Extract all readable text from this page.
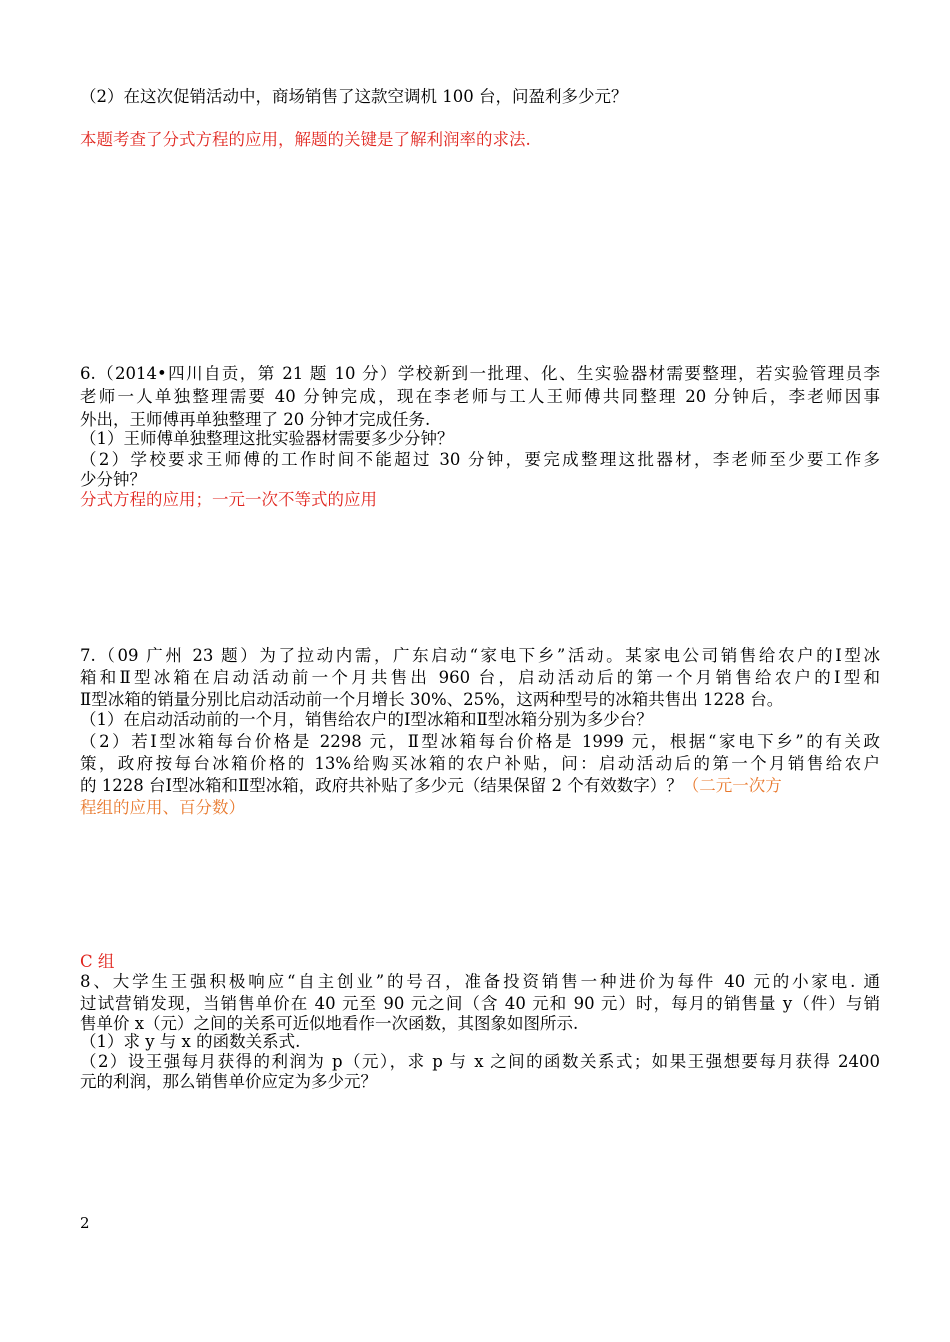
（2）在这次促销活动中，商场销售了这款空调机 100 台，问盈利多少元？
本题考查了分式方程的应用，解题的关键是了解利润率的求法.
6.（2014•四川自贡，第 21 题 10 分）学校新到一批理、化、生实验器材需要整理，若实验管理员李
老师一人单独整理需要 40 分钟完成，现在李老师与工人王师傅共同整理 20 分钟后，李老师因事
外出，王师傅再单独整理了 20 分钟才完成任务.
（1）王师傅单独整理这批实验器材需要多少分钟？
（2）学校要求王师傅的工作时间不能超过 30 分钟，要完成整理这批器材，李老师至少要工作多
少分钟？
分式方程的应用；一元一次不等式的应用
7.（09 广州 23 题）为了拉动内需，广东启动“家电下乡”活动。某家电公司销售给农户的Ⅰ型冰
箱和Ⅱ型冰箱在启动活动前一个月共售出 960 台，启动活动后的第一个月销售给农户的Ⅰ型和
Ⅱ型冰箱的销量分别比启动活动前一个月增长 30%、25%，这两种型号的冰箱共售出 1228 台。
（1）在启动活动前的一个月，销售给农户的Ⅰ型冰箱和Ⅱ型冰箱分别为多少台？
（2）若Ⅰ型冰箱每台价格是 2298 元，Ⅱ型冰箱每台价格是 1999 元，根据“家电下乡”的有关政
策，政府按每台冰箱价格的 13%给购买冰箱的农户补贴，问：启动活动后的第一个月销售给农户
的 1228 台Ⅰ型冰箱和Ⅱ型冰箱，政府共补贴了多少元（结果保留 2 个有效数字）？（二元一次方
程组的应用、百分数）
C 组
8、大学生王强积极响应“自主创业”的号召，准备投资销售一种进价为每件 40 元的小家电. 通
过试营销发现，当销售单价在 40 元至 90 元之间（含 40 元和 90 元）时，每月的销售量 y（件）与销
售单价 x（元）之间的关系可近似地看作一次函数，其图象如图所示.
（1）求 y 与 x 的函数关系式.
（2）设王强每月获得的利润为 p（元），求 p 与 x 之间的函数关系式；如果王强想要每月获得 2400
元的利润，那么销售单价应定为多少元？
2
